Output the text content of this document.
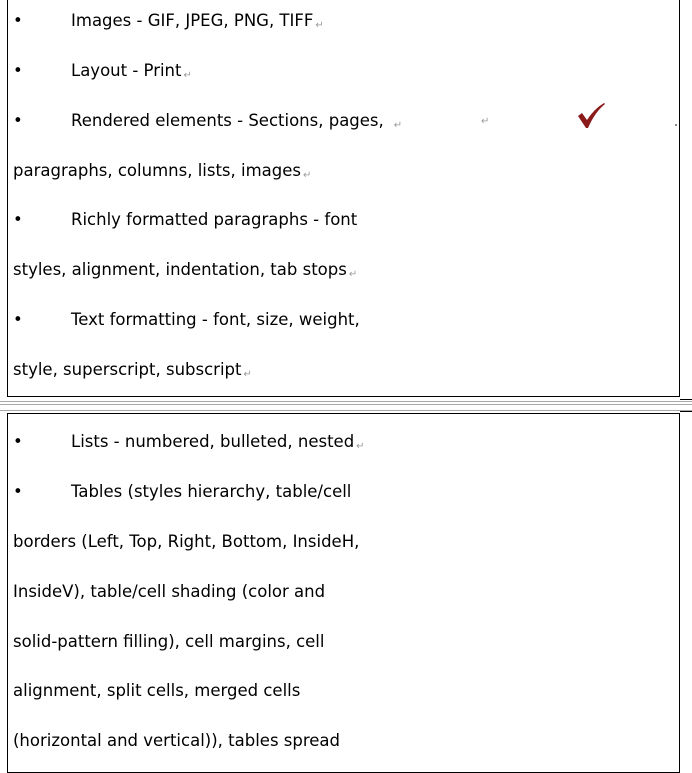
•	Images - GIF, JPEG, PNG, TIFF ↵
•	Layout - Print ↵
•	Rendered elements - Sections, pages, ↵	↵
paragraphs, columns, lists, images ↵
•	Richly formatted paragraphs - font
styles, alignment, indentation, tab stops ↵
•	Text formatting - font, size, weight,
style, superscript, subscript ↵
•	Lists - numbered, bulleted, nested ↵
•	Tables (styles hierarchy, table/cell
borders (Left, Top, Right, Bottom, InsideH,
InsideV), table/cell shading (color and
solid-pattern filling), cell margins, cell
alignment, split cells, merged cells
(horizontal and vertical)), tables spread
